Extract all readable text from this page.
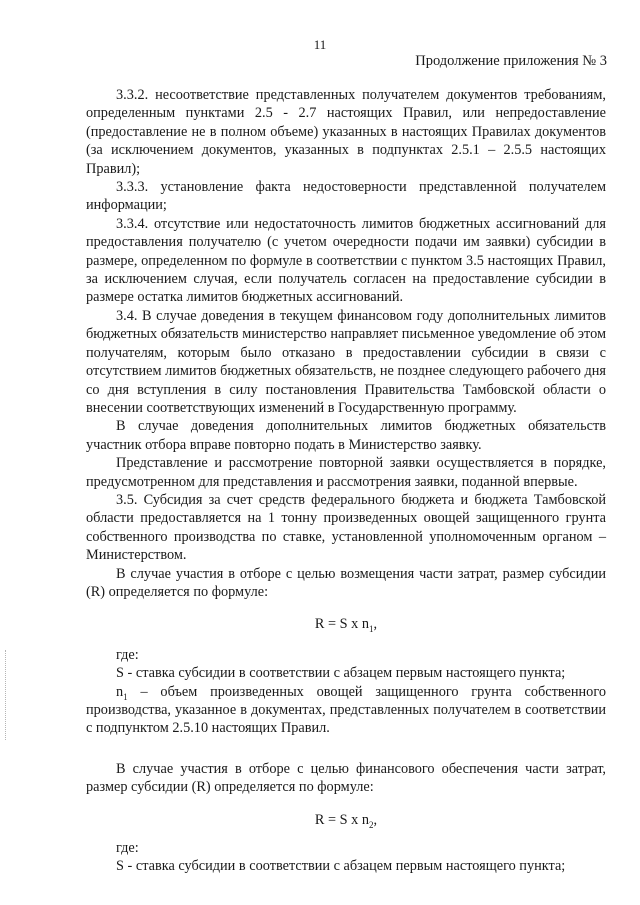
11
Продолжение приложения № 3

3.3.2. несоответствие представленных получателем документов требованиям, определенным пунктами 2.5 - 2.7 настоящих Правил, или непредоставление (предоставление не в полном объеме) указанных в настоящих Правилах документов (за исключением документов, указанных в подпунктах 2.5.1 – 2.5.5 настоящих Правил);

3.3.3. установление факта недостоверности представленной получателем информации;

3.3.4. отсутствие или недостаточность лимитов бюджетных ассигнований для предоставления получателю (с учетом очередности подачи им заявки) субсидии в размере, определенном по формуле в соответствии с пунктом 3.5 настоящих Правил, за исключением случая, если получатель согласен на предоставление субсидии в размере остатка лимитов бюджетных ассигнований.

3.4. В случае доведения в текущем финансовом году дополнительных лимитов бюджетных обязательств министерство направляет письменное уведомление об этом получателям, которым было отказано в предоставлении субсидии в связи с отсутствием лимитов бюджетных обязательств, не позднее следующего рабочего дня со дня вступления в силу постановления Правительства Тамбовской области о внесении соответствующих изменений в Государственную программу.

В случае доведения дополнительных лимитов бюджетных обязательств участник отбора вправе повторно подать в Министерство заявку.

Представление и рассмотрение повторной заявки осуществляется в порядке, предусмотренном для представления и рассмотрения заявки, поданной впервые.

3.5. Субсидия за счет средств федерального бюджета и бюджета Тамбовской области предоставляется на 1 тонну произведенных овощей защищенного грунта собственного производства по ставке, установленной уполномоченным органом – Министерством.

В случае участия в отборе с целью возмещения части затрат, размер субсидии (R) определяется по формуле:

R = S x $n_1$,

где:

S - ставка субсидии в соответствии с абзацем первым настоящего пункта;

$n_1$ – объем произведенных овощей защищенного грунта собственного производства, указанное в документах, представленных получателем в соответствии с подпунктом 2.5.10 настоящих Правил.

В случае участия в отборе с целью финансового обеспечения части затрат, размер субсидии (R) определяется по формуле:

R = S x $n_2$,

где:

S - ставка субсидии в соответствии с абзацем первым настоящего пункта;
